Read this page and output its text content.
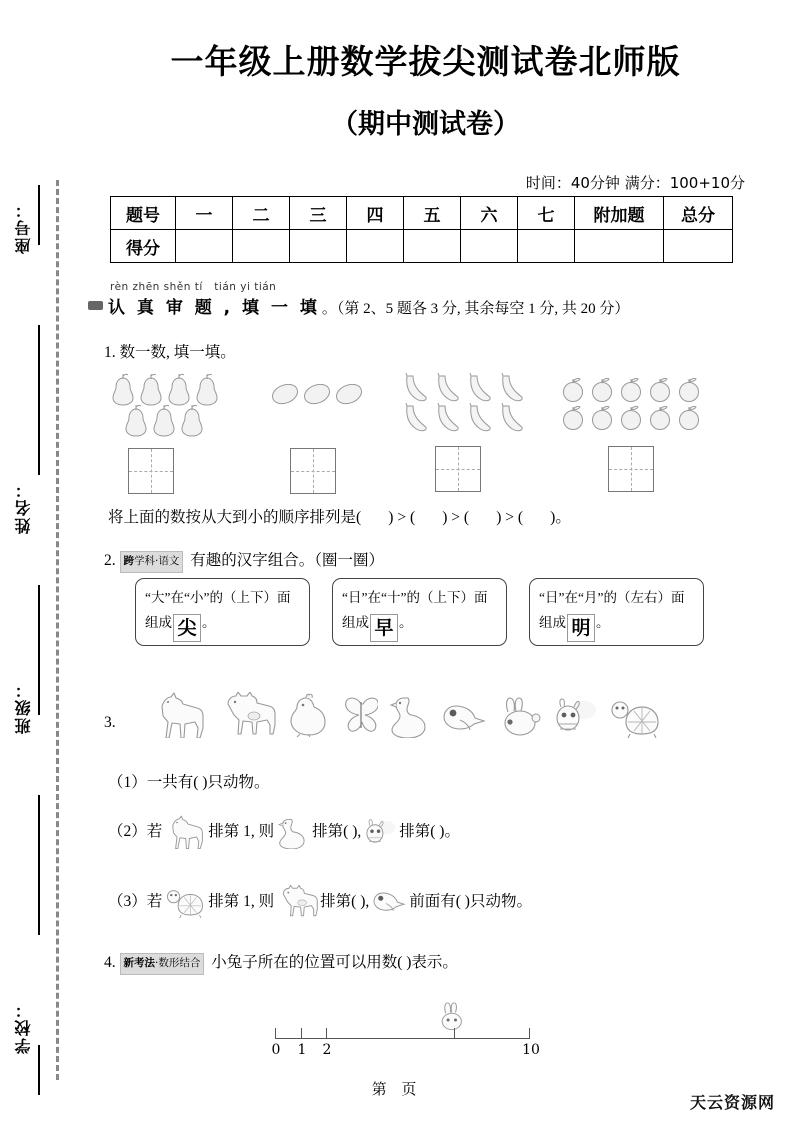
座号：
姓名：
班级：
学校：
一年级上册数学拔尖测试卷北师版
（期中测试卷）
时间：40分钟 满分：100+10分
题号	一	二	三	四	五	六	七	附加题	总分
得分									
rèn zhēn shěn tí   tián yi tián
认 真 审 题 , 填 一 填 。（第 2、5 题各 3 分, 其余每空 1 分, 共 20 分）
1. 数一数, 填一填。
将上面的数按从大到小的顺序排列是( ) > ( ) > ( ) > ( )。
2. 跨学科·语文 有趣的汉字组合。（圈一圈）
“大”在“小”的（上下）面组成 尖 。
“日”在“十”的（上下）面组成 早 。
“日”在“月”的（左右）面组成 明 。
3.
（1）一共有( )只动物。
（2） 若	排第 1, 则 排第( ), 排第( )。
（3） 若	排第 1, 则	排第( ),	前面有( )只动物。
4. 新考法·数形结合 小兔子所在的位置可以用数( )表示。
0 1 2	10
第 页
天云资源网
